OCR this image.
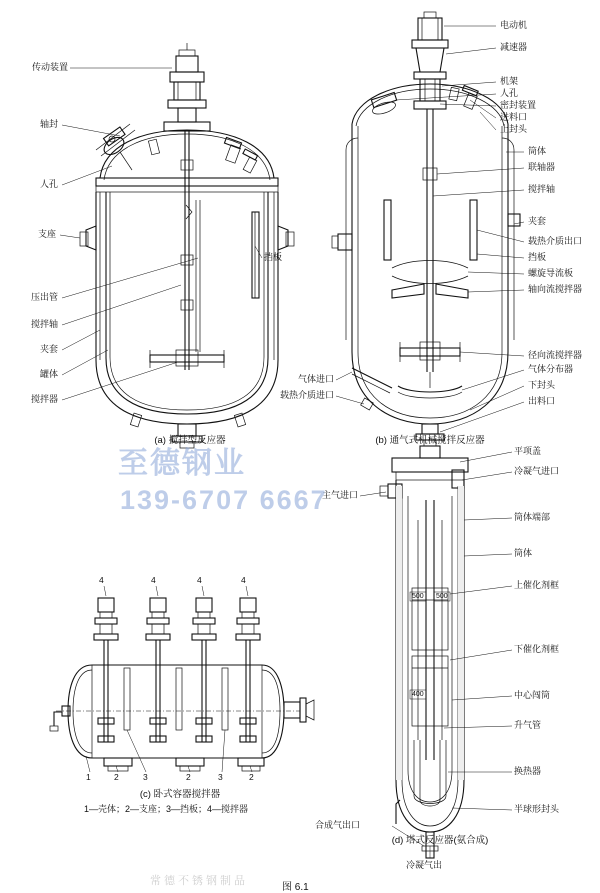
传动装置
轴封
人孔
支座
压出管
搅拌轴
夹套
罐体
搅拌器
挡板
(a) 搅拌型反应器
电动机
减速器
机架
人孔
密封装置
进料口
上封头
筒体
联轴器
搅拌轴
夹套
载热介质出口
挡板
螺旋导流板
轴向流搅拌器
径向流搅拌器
气体分布器
下封头
出料口
气体进口
载热介质进口
(b) 通气式机械搅拌反应器
4	4	4	4
1	2	3	2	3	2
(c) 卧式容器搅拌器
1—壳体；2—支座；3—挡板；4—搅拌器
平项盖
冷凝气进口
筒体端部
筒体
上催化剂框
下催化剂框
中心闯筒
升气管
换热器
半球形封头
主气进口
合成气出口
冷凝气出
500 500
400
(d) 塔式反应器(氨合成)
至德钢业
139-6707 6667
常德不锈钢制品
图 6.1
